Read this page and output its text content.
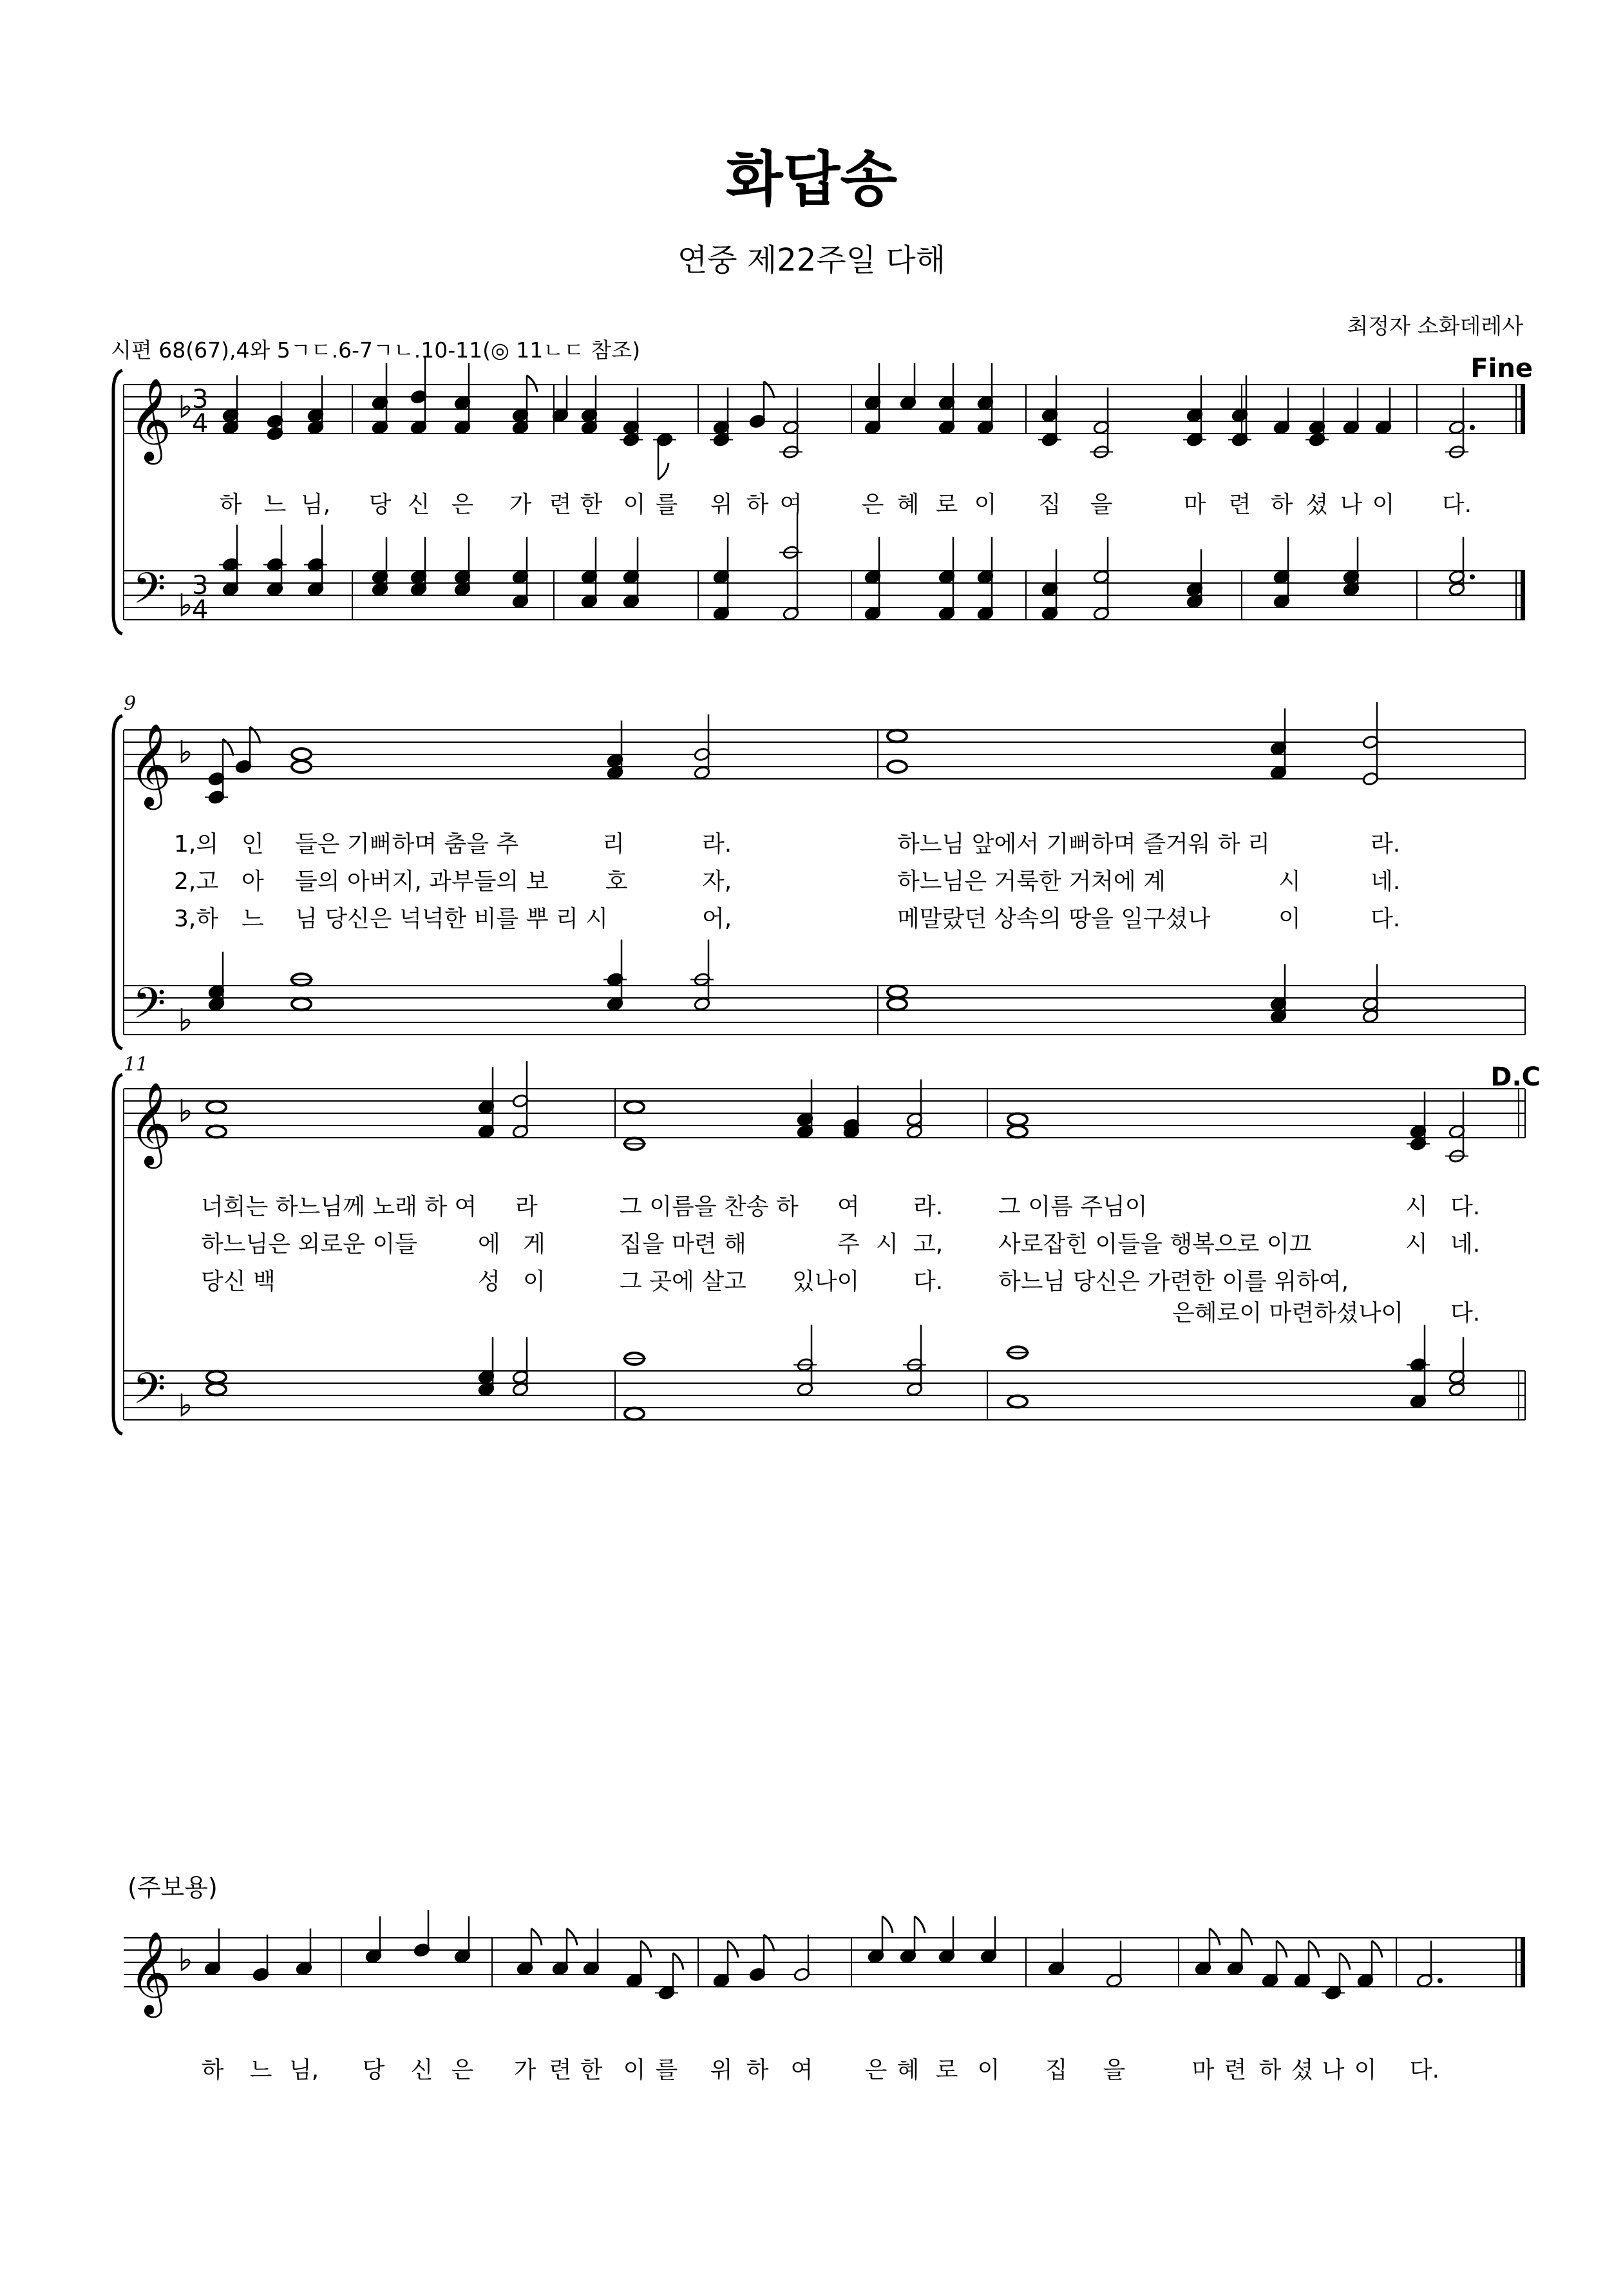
화답송
연중 제22주일 다해
최정자 소화데레사
시편 68(67),4와 5ㄱㄷ.6-7ㄱㄴ.10-11(◎ 11ㄴㄷ 참조)
Fine
D.C
9
11
(주보용)
𝄞 3
4
𝄢 3
4
𝄞
𝄢
𝄞
𝄢
𝄞
하 느 님, 당 신 은 가 련 한 이 를 위 하 여	은 혜 로 이 집 을	마 련 하 셨 나 이 다.
하 느 님, 당 신 은 가 련 한 이 를 위 하 여 은 혜 로 이 집 을	마 련 하 셨 나 이 다.
1,의 인 들은 기뻐하며 춤을 추	리	라.	하느님 앞에서 기뻐하며 즐거워 하 리	라.
2,고 아 들의 아버지, 과부들의 보 호	자,	하느님은 거룩한 거처에 계	시	네.
3,하 느 님 당신은 넉넉한 비를 뿌 리 시	어,	메말랐던 상속의 땅을 일구셨나	이	다.
너희는 하느님께 노래 하 여 라	그 이름을 찬송 하 여 라. 그 이름 주님이	시 다.
하느님은 외로운 이들	에 게	집을 마련 해	주 시 고, 사로잡힌 이들을 행복으로 이끄	시 네.
당신 백	성 이	그 곳에 살고 있나이 다. 하느님 당신은 가련한 이를 위하여,
은혜로이 마련하셨나이 다.
